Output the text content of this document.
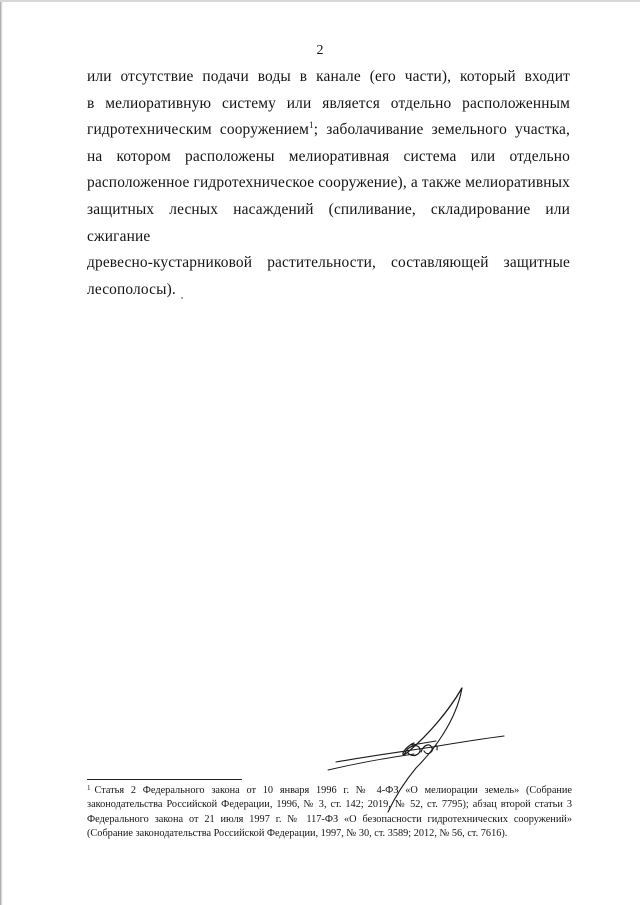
2
или отсутствие подачи воды в канале (его части), который входит
в мелиоративную систему или является отдельно расположенным
гидротехническим сооружением$^1$; заболачивание земельного участка,
на котором расположены мелиоративная система или отдельно
расположенное гидротехническое сооружение), а также мелиоративных
защитных лесных насаждений (спиливание, складирование или сжигание
древесно-кустарниковой растительности, составляющей защитные
лесополосы).
$^1$ Статья 2 Федерального закона от 10 января 1996 г. № 4-ФЗ «О мелиорации земель» (Собрание
законодательства Российской Федерации, 1996, № 3, ст. 142; 2019, № 52, ст. 7795); абзац второй статьи 3
Федерального закона от 21 июля 1997 г. № 117-ФЗ «О безопасности гидротехнических сооружений»
(Собрание законодательства Российской Федерации, 1997, № 30, ст. 3589; 2012, № 56, ст. 7616).
